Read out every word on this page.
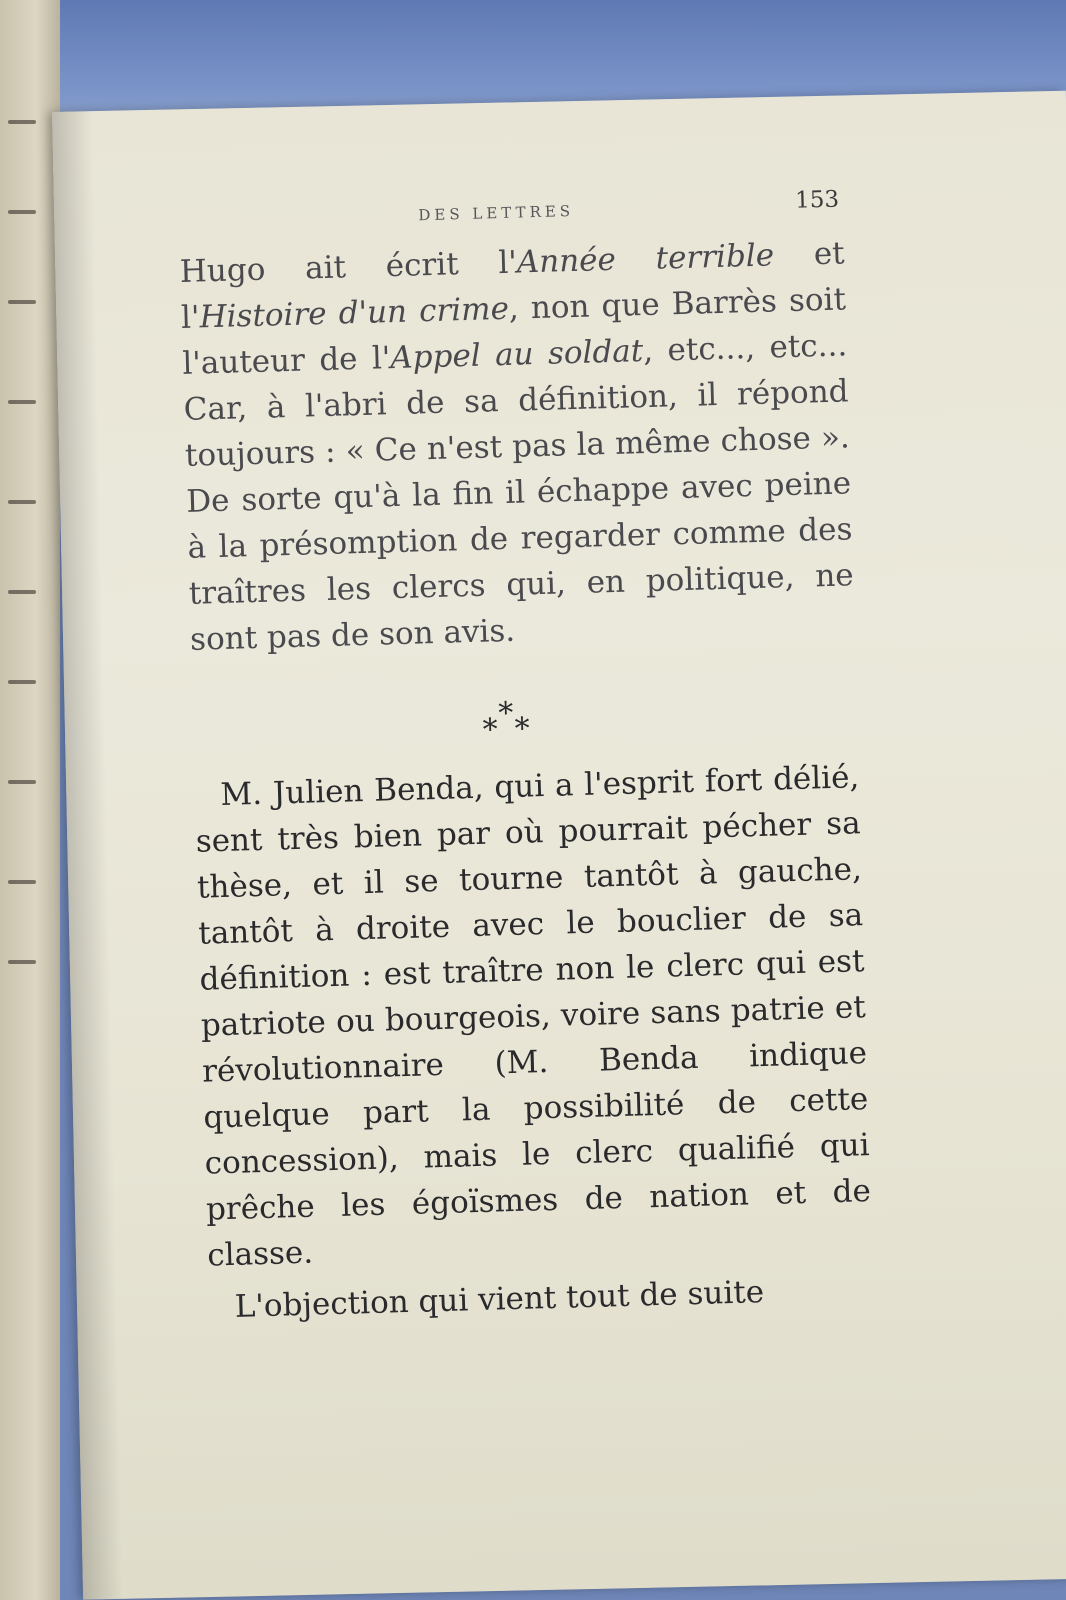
DES LETTRES	153

Hugo ait écrit l'Année terrible et l'Histoire d'un crime, non que Barrès soit l'auteur de l'Appel au soldat, etc..., etc... Car, à l'abri de sa définition, il répond toujours : « Ce n'est pas la même chose ». De sorte qu'à la fin il échappe avec peine à la présomption de regarder comme des traîtres les clercs qui, en politique, ne sont pas de son avis.

* * *

M. Julien Benda, qui a l'esprit fort délié, sent très bien par où pourrait pécher sa thèse, et il se tourne tantôt à gauche, tantôt à droite avec le bouclier de sa définition : est traître non le clerc qui est patriote ou bourgeois, voire sans patrie et révolutionnaire (M. Benda indique quelque part la possibilité de cette concession), mais le clerc qualifié qui prêche les égoïsmes de nation et de classe.

L'objection qui vient tout de suite
